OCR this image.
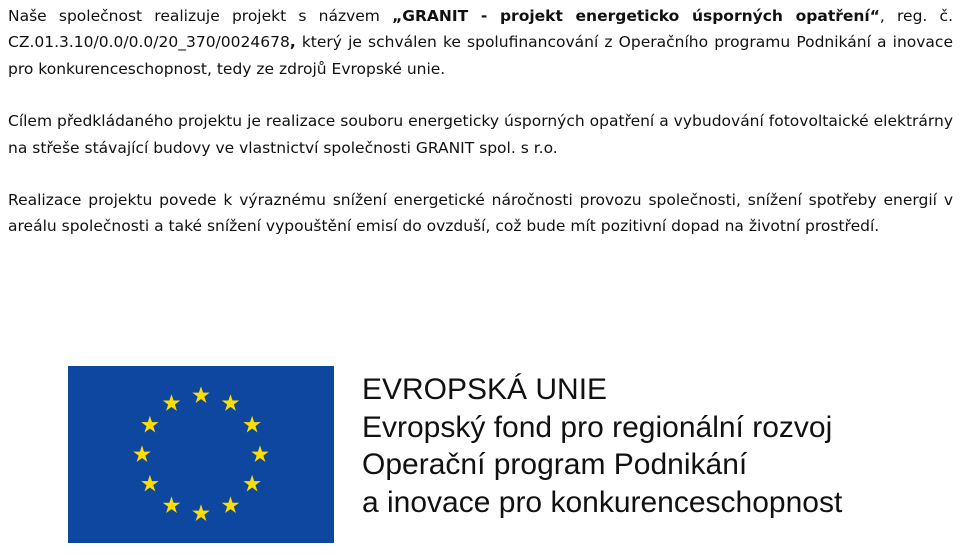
Naše společnost realizuje projekt s názvem „GRANIT - projekt energeticko úsporných opatření“, reg. č. CZ.01.3.10/0.0/0.0/20_370/0024678, který je schválen ke spolufinancování z Operačního programu Podnikání a inovace pro konkurenceschopnost, tedy ze zdrojů Evropské unie.

Cílem předkládaného projektu je realizace souboru energeticky úsporných opatření a vybudování fotovoltaické elektrárny na střeše stávající budovy ve vlastnictví společnosti GRANIT spol. s r.o.

Realizace projektu povede k výraznému snížení energetické náročnosti provozu společnosti, snížení spotřeby energií v areálu společnosti a také snížení vypouštění emisí do ovzduší, což bude mít pozitivní dopad na životní prostředí.

EVROPSKÁ UNIE
Evropský fond pro regionální rozvoj
Operační program Podnikání
a inovace pro konkurenceschopnost
